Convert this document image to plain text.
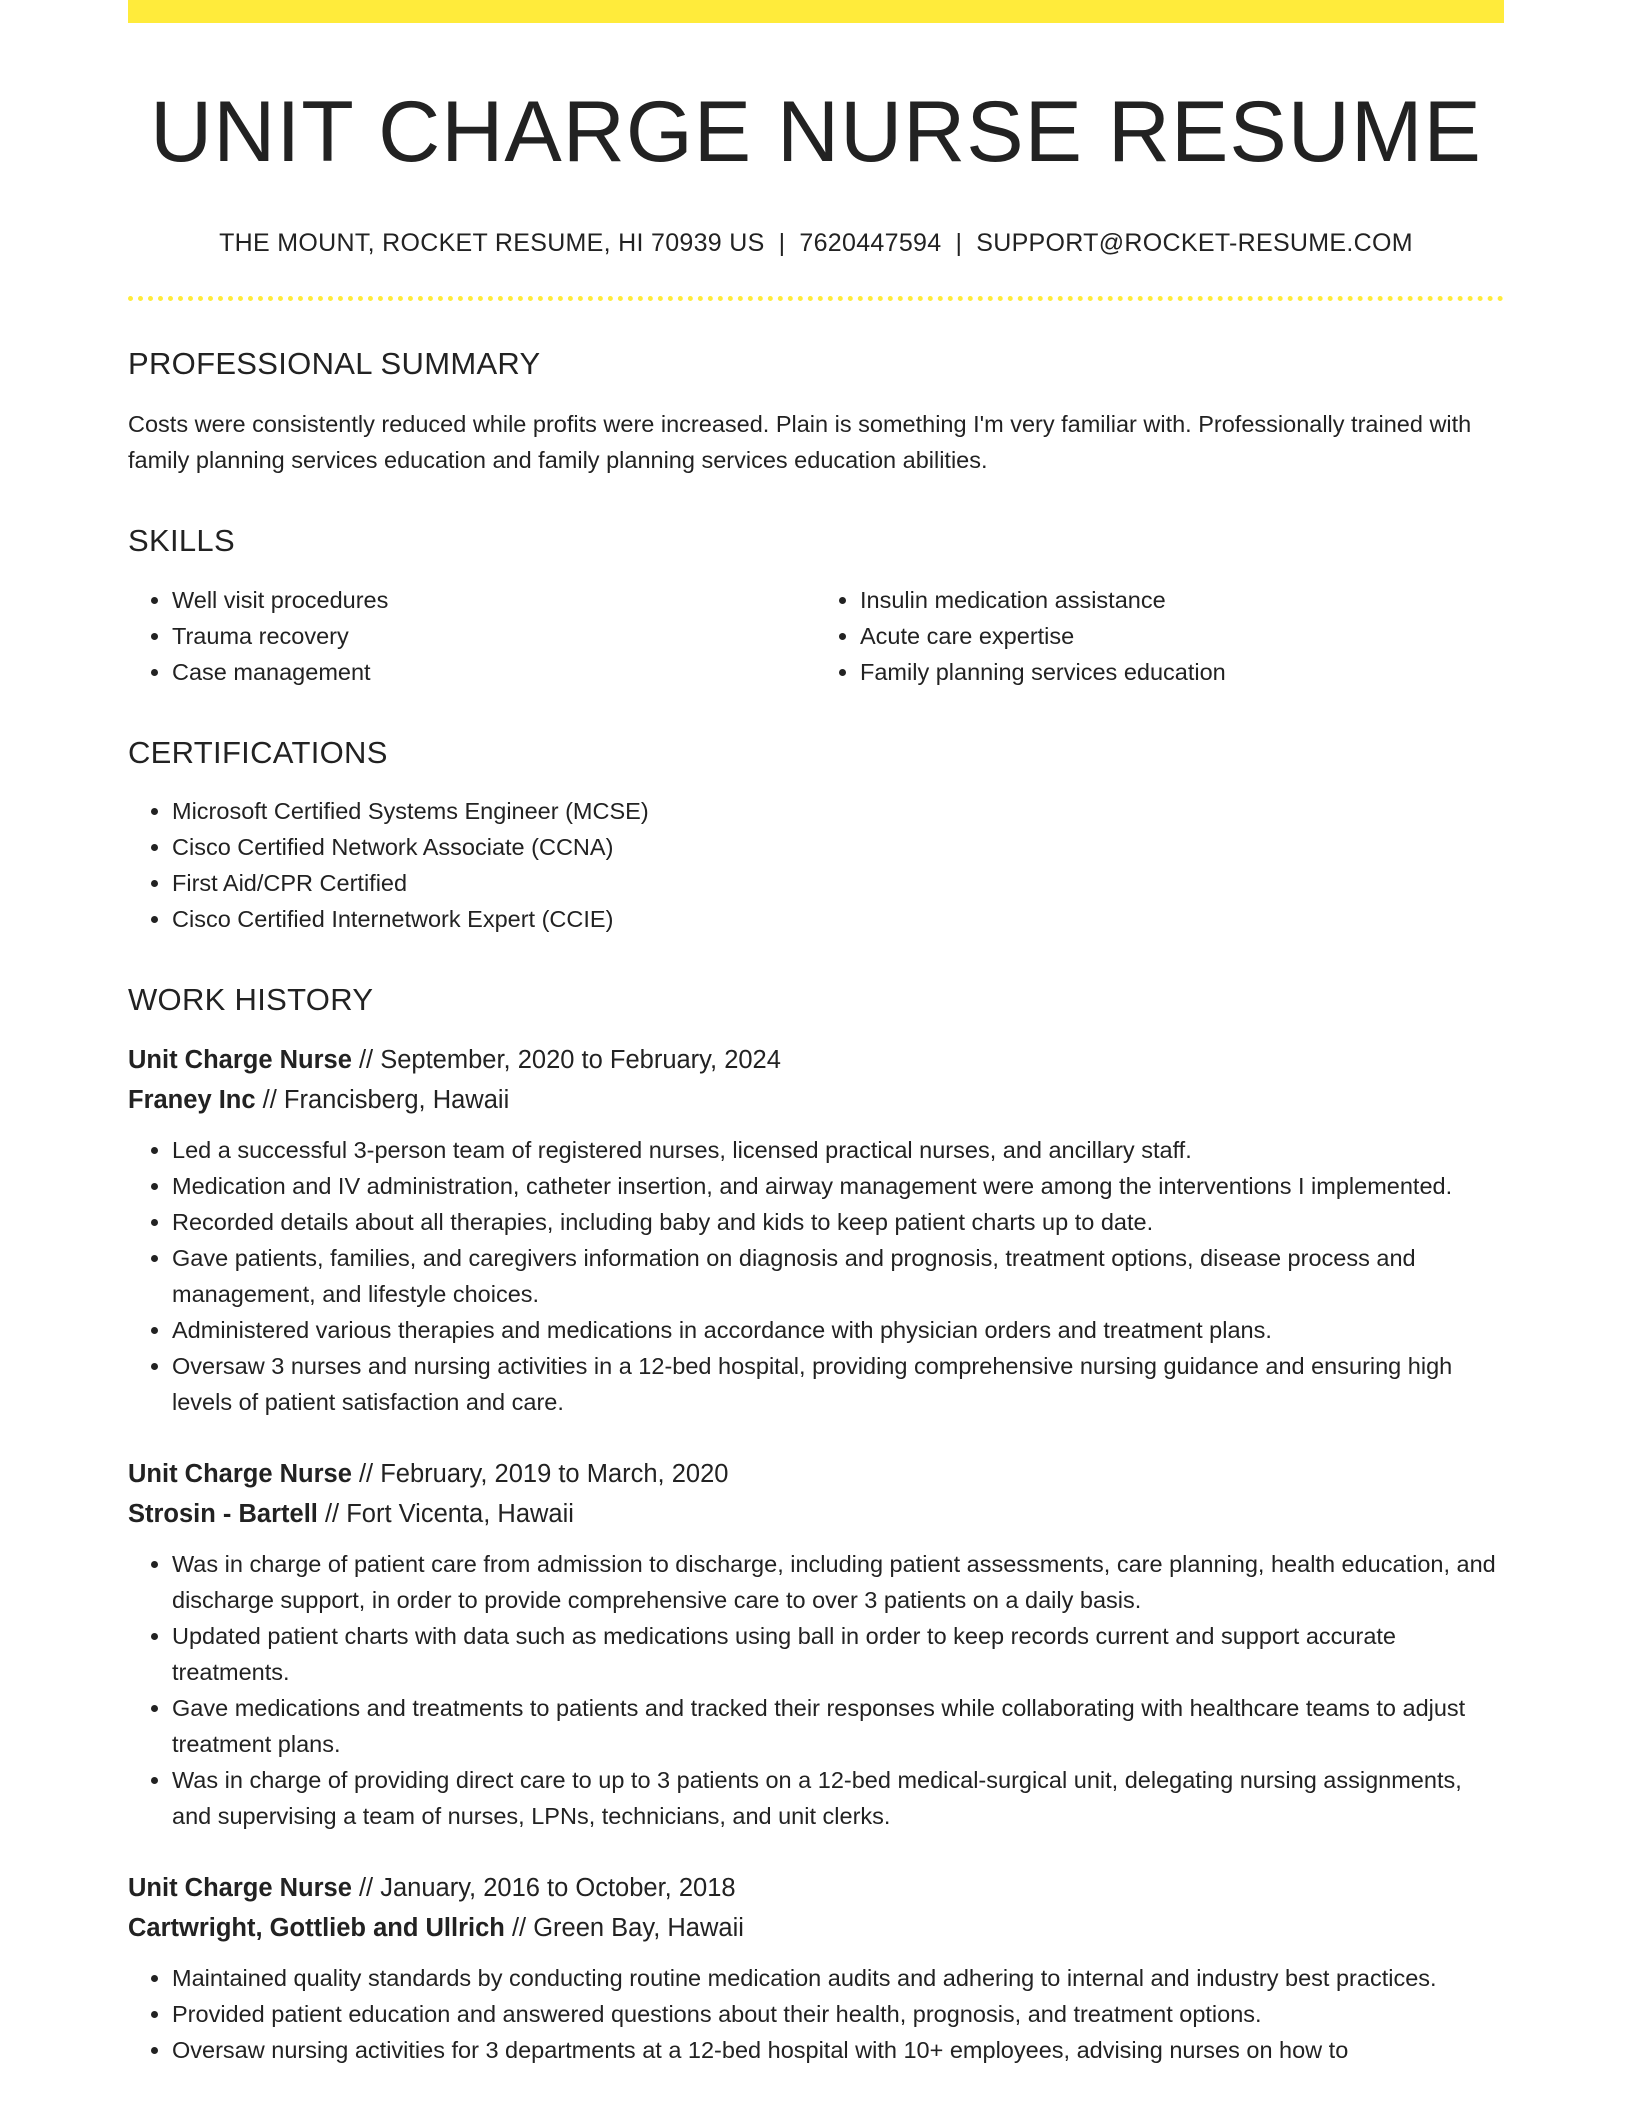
UNIT CHARGE NURSE RESUME
THE MOUNT, ROCKET RESUME, HI 70939 US | 7620447594 | SUPPORT@ROCKET-RESUME.COM
PROFESSIONAL SUMMARY

Costs were consistently reduced while profits were increased. Plain is something I'm very familiar with. Professionally trained with family planning services education and family planning services education abilities.

SKILLS
• Well visit procedures
• Trauma recovery
• Case management
• Insulin medication assistance
• Acute care expertise
• Family planning services education
CERTIFICATIONS
• Microsoft Certified Systems Engineer (MCSE)
• Cisco Certified Network Associate (CCNA)
• First Aid/CPR Certified
• Cisco Certified Internetwork Expert (CCIE)
WORK HISTORY
Unit Charge Nurse // September, 2020 to February, 2024
Franey Inc // Francisberg, Hawaii
• Led a successful 3-person team of registered nurses, licensed practical nurses, and ancillary staff.
• Medication and IV administration, catheter insertion, and airway management were among the interventions I implemented.
• Recorded details about all therapies, including baby and kids to keep patient charts up to date.
• Gave patients, families, and caregivers information on diagnosis and prognosis, treatment options, disease process and management, and lifestyle choices.
• Administered various therapies and medications in accordance with physician orders and treatment plans.
• Oversaw 3 nurses and nursing activities in a 12-bed hospital, providing comprehensive nursing guidance and ensuring high levels of patient satisfaction and care.
Unit Charge Nurse // February, 2019 to March, 2020
Strosin - Bartell // Fort Vicenta, Hawaii
• Was in charge of patient care from admission to discharge, including patient assessments, care planning, health education, and discharge support, in order to provide comprehensive care to over 3 patients on a daily basis.
• Updated patient charts with data such as medications using ball in order to keep records current and support accurate treatments.
• Gave medications and treatments to patients and tracked their responses while collaborating with healthcare teams to adjust treatment plans.
• Was in charge of providing direct care to up to 3 patients on a 12-bed medical-surgical unit, delegating nursing assignments, and supervising a team of nurses, LPNs, technicians, and unit clerks.
Unit Charge Nurse // January, 2016 to October, 2018
Cartwright, Gottlieb and Ullrich // Green Bay, Hawaii
• Maintained quality standards by conducting routine medication audits and adhering to internal and industry best practices.
• Provided patient education and answered questions about their health, prognosis, and treatment options.
• Oversaw nursing activities for 3 departments at a 12-bed hospital with 10+ employees, advising nurses on how to
